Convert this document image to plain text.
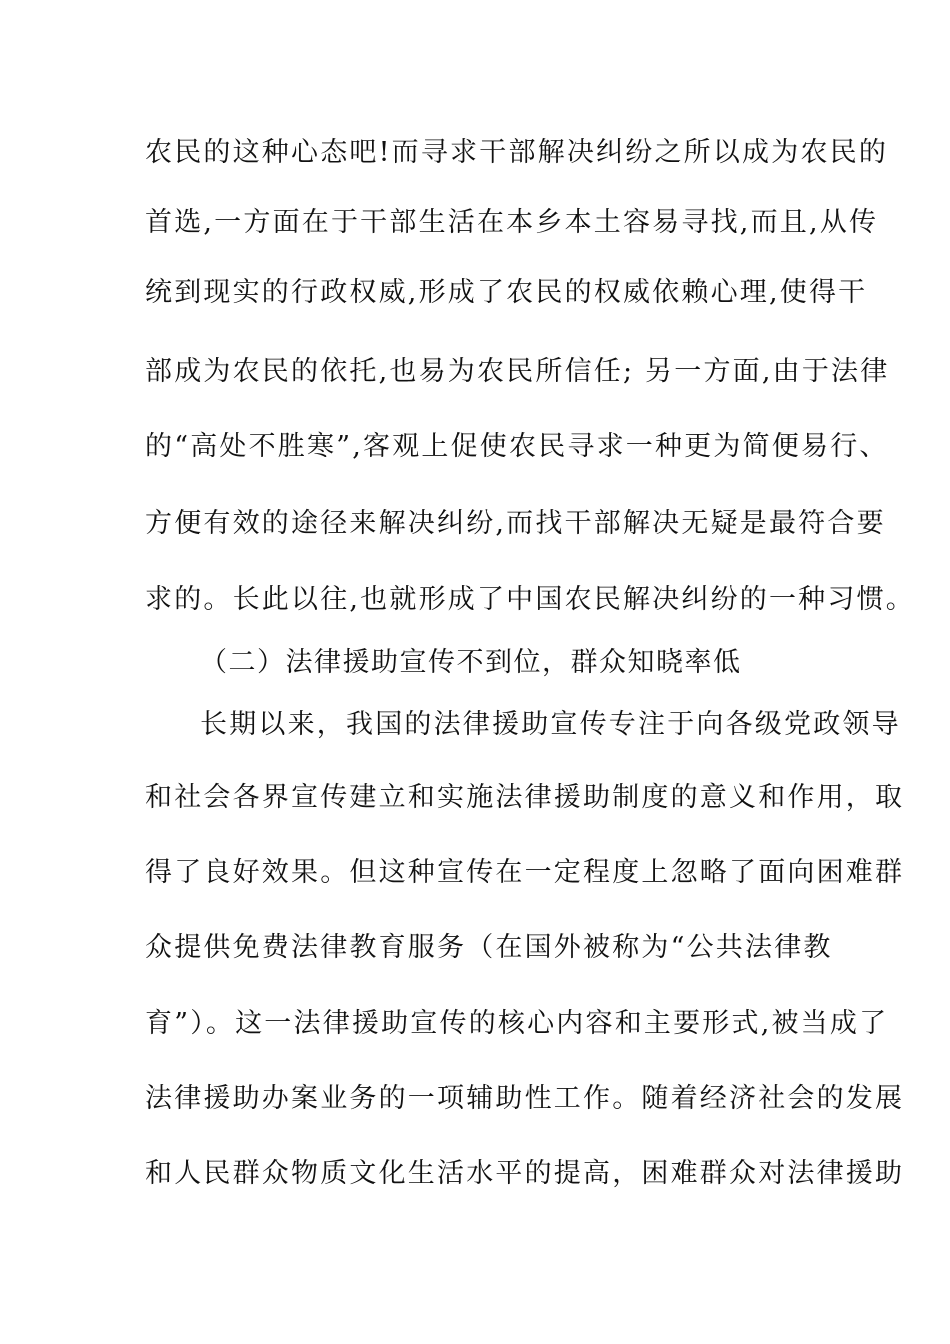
农民的这种心态吧!而寻求干部解决纠纷之所以成为农民的
首选,一方面在于干部生活在本乡本土容易寻找,而且,从传
统到现实的行政权威,形成了农民的权威依赖心理,使得干
部成为农民的依托,也易为农民所信任; 另一方面,由于法律
的“高处不胜寒”,客观上促使农民寻求一种更为简便易行、
方便有效的途径来解决纠纷,而找干部解决无疑是最符合要
求的。长此以往,也就形成了中国农民解决纠纷的一种习惯。
（二）法律援助宣传不到位，群众知晓率低
长期以来，我国的法律援助宣传专注于向各级党政领导
和社会各界宣传建立和实施法律援助制度的意义和作用，取
得了良好效果。但这种宣传在一定程度上忽略了面向困难群
众提供免费法律教育服务（在国外被称为“公共法律教
育”）。这一法律援助宣传的核心内容和主要形式,被当成了
法律援助办案业务的一项辅助性工作。随着经济社会的发展
和人民群众物质文化生活水平的提高，困难群众对法律援助
